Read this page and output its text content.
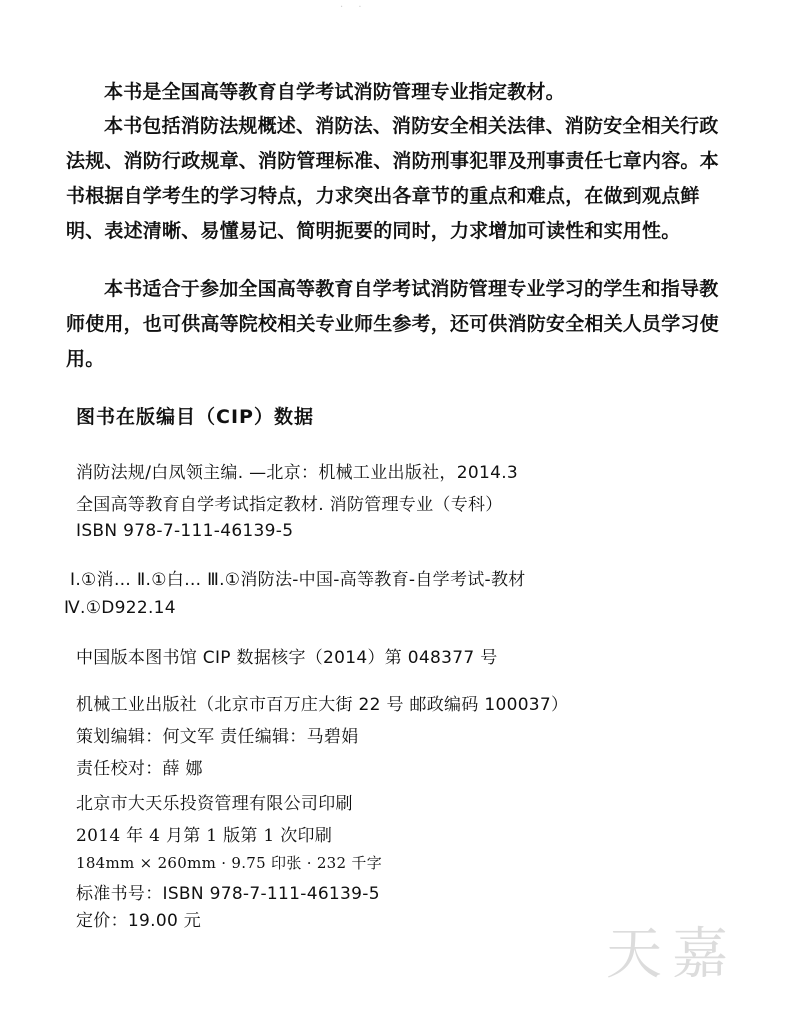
· ·

本书是全国高等教育自学考试消防管理专业指定教材。

本书包括消防法规概述、消防法、消防安全相关法律、消防安全相关行政法规、消防行政规章、消防管理标准、消防刑事犯罪及刑事责任七章内容。本书根据自学考生的学习特点，力求突出各章节的重点和难点，在做到观点鲜明、表述清晰、易懂易记、简明扼要的同时，力求增加可读性和实用性。

本书适合于参加全国高等教育自学考试消防管理专业学习的学生和指导教师使用，也可供高等院校相关专业师生参考，还可供消防安全相关人员学习使用。

图书在版编目（CIP）数据
消防法规/白凤领主编. —北京：机械工业出版社，2014.3
全国高等教育自学考试指定教材. 消防管理专业（专科）
ISBN 978-7-111-46139-5
Ⅰ.①消… Ⅱ.①白… Ⅲ.①消防法-中国-高等教育-自学考试-教材
Ⅳ.①D922.14
中国版本图书馆 CIP 数据核字（2014）第 048377 号
机械工业出版社（北京市百万庄大街 22 号 邮政编码 100037）
策划编辑：何文军 责任编辑：马碧娟
责任校对：薛 娜
北京市大天乐投资管理有限公司印刷
2014 年 4 月第 1 版第 1 次印刷
184mm × 260mm · 9.75 印张 · 232 千字
标准书号：ISBN 978-7-111-46139-5
定价：19.00 元
天嘉
